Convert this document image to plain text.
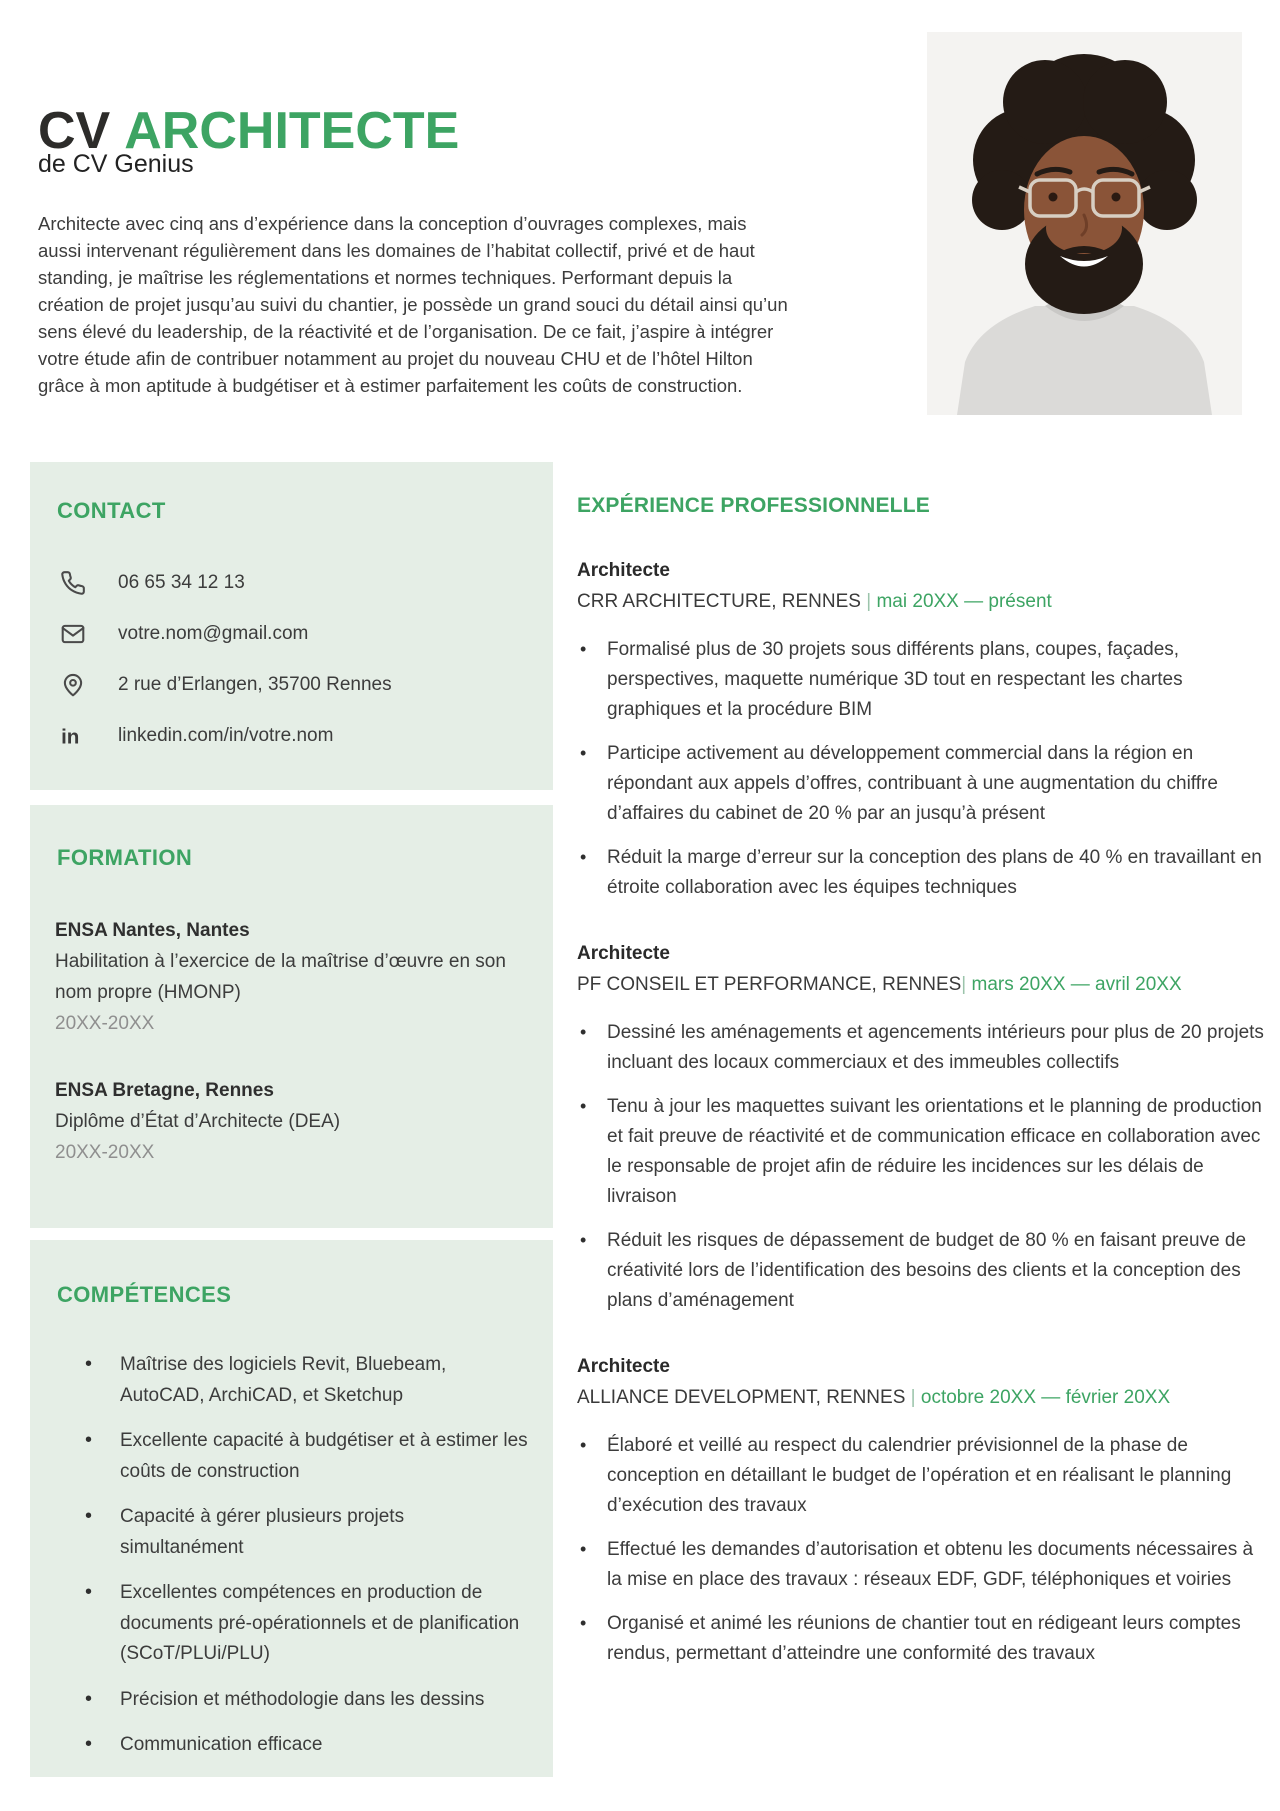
CV ARCHITECTE
de CV Genius

Architecte avec cinq ans d’expérience dans la conception d’ouvrages complexes, mais aussi intervenant régulièrement dans les domaines de l’habitat collectif, privé et de haut standing, je maîtrise les réglementations et normes techniques. Performant depuis la création de projet jusqu’au suivi du chantier, je possède un grand souci du détail ainsi qu’un sens élevé du leadership, de la réactivité et de l’organisation. De ce fait, j’aspire à intégrer votre étude afin de contribuer notamment au projet du nouveau CHU et de l’hôtel Hilton grâce à mon aptitude à budgétiser et à estimer parfaitement les coûts de construction.

CONTACT
06 65 34 12 13
votre.nom@gmail.com
2 rue d’Erlangen, 35700 Rennes
in linkedin.com/in/votre.nom
FORMATION
ENSA Nantes, Nantes
Habilitation à l’exercice de la maîtrise d’œuvre en son nom propre (HMONP)
20XX-20XX
ENSA Bretagne, Rennes
Diplôme d’État d’Architecte (DEA)
20XX-20XX
COMPÉTENCES
• Maîtrise des logiciels Revit, Bluebeam, AutoCAD, ArchiCAD, et Sketchup
• Excellente capacité à budgétiser et à estimer les coûts de construction
• Capacité à gérer plusieurs projets simultanément
• Excellentes compétences en production de documents pré-opérationnels et de planification (SCoT/PLUi/PLU)
• Précision et méthodologie dans les dessins
• Communication efficace
EXPÉRIENCE PROFESSIONNELLE
Architecte
CRR ARCHITECTURE, RENNES | mai 20XX — présent
• Formalisé plus de 30 projets sous différents plans, coupes, façades, perspectives, maquette numérique 3D tout en respectant les chartes graphiques et la procédure BIM
• Participe activement au développement commercial dans la région en répondant aux appels d’offres, contribuant à une augmentation du chiffre d’affaires du cabinet de 20 % par an jusqu’à présent
• Réduit la marge d’erreur sur la conception des plans de 40 % en travaillant en étroite collaboration avec les équipes techniques
Architecte
PF CONSEIL ET PERFORMANCE, RENNES| mars 20XX — avril 20XX
• Dessiné les aménagements et agencements intérieurs pour plus de 20 projets incluant des locaux commerciaux et des immeubles collectifs
• Tenu à jour les maquettes suivant les orientations et le planning de production et fait preuve de réactivité et de communication efficace en collaboration avec le responsable de projet afin de réduire les incidences sur les délais de livraison
• Réduit les risques de dépassement de budget de 80 % en faisant preuve de créativité lors de l’identification des besoins des clients et la conception des plans d’aménagement
Architecte
ALLIANCE DEVELOPMENT, RENNES | octobre 20XX — février 20XX
• Élaboré et veillé au respect du calendrier prévisionnel de la phase de conception en détaillant le budget de l’opération et en réalisant le planning d’exécution des travaux
• Effectué les demandes d’autorisation et obtenu les documents nécessaires à la mise en place des travaux : réseaux EDF, GDF, téléphoniques et voiries
• Organisé et animé les réunions de chantier tout en rédigeant leurs comptes rendus, permettant d’atteindre une conformité des travaux
